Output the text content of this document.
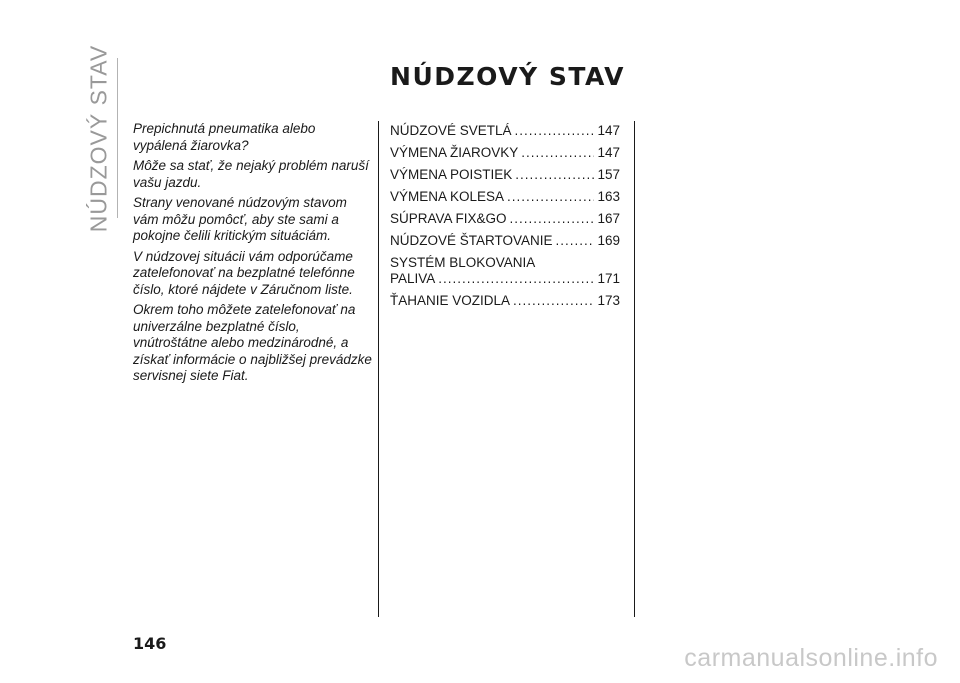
NÚDZOVÝ STAV	NÚDZOVÝ STAV

Prepichnutá pneumatika alebo vypálená žiarovka?

Môže sa stať, že nejaký problém naruší vašu jazdu.

Strany venované núdzovým stavom vám môžu pomôcť, aby ste sami a pokojne čelili kritickým situáciám.

V núdzovej situácii vám odporúčame zatelefonovať na bezplatné telefónne číslo, ktoré nájdete v Záručnom liste.

Okrem toho môžete zatelefonovať na univerzálne bezplatné číslo, vnútroštátne alebo medzinárodné, a získať informácie o najbližšej prevádzke servisnej siete Fiat.

NÚDZOVÉ SVETLÁ .....	147
VÝMENA ŽIAROVKY .....	147
VÝMENA POISTIEK .....	157
VÝMENA KOLESA .....	163
SÚPRAVA FIX&GO .....	167
NÚDZOVÉ ŠTARTOVANIE .....	169
SYSTÉM BLOKOVANIA
PALIVA .....	171
ŤAHANIE VOZIDLA .....	173
146
carmanualsonline.info
